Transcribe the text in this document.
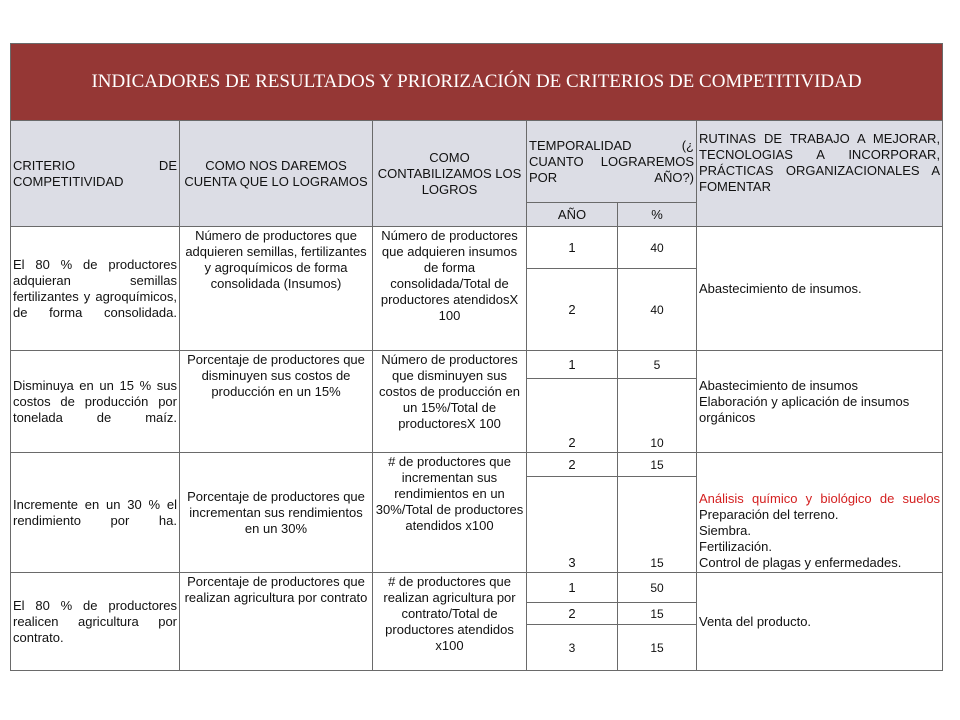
INDICADORES DE RESULTADOS Y PRIORIZACIÓN DE CRITERIOS DE COMPETITIVIDAD					

CRITERIO DE
COMPETITIVIDAD	COMO NOS DAREMOS CUENTA QUE LO LOGRAMOS	COMO CONTABILIZAMOS LOS LOGROS	TEMPORALIDAD (¿ CUANTO LOGRAREMOS POR AÑO?)		RUTINAS DE TRABAJO A MEJORAR, TECNOLOGIAS A INCORPORAR, PRÁCTICAS ORGANIZACIONALES A FOMENTAR
			AÑO	%	
El 80 % de productores adquieran semillas fertilizantes y agroquímicos, de forma consolidada.	Número de productores que adquieren semillas, fertilizantes y agroquímicos de forma consolidada (Insumos)	Número de productores que adquieren insumos de forma consolidada/Total de productores atendidosX 100	1	40	Abastecimiento de insumos.
			2	40	
Disminuya en un 15 % sus costos de producción por tonelada de maíz.	Porcentaje de productores que disminuyen sus costos de producción en un 15%	Número de productores que disminuyen sus costos de producción en un 15%/Total de productoresX 100	1	5	Abastecimiento de insumos
Elaboración y aplicación de insumos orgánicos

			2	10	
Incremente en un 30 % el rendimiento por ha.	Porcentaje de productores que incrementan sus rendimientos en un 30%	# de productores que incrementan sus rendimientos en un 30%/Total de productores atendidos x100	2	15	Análisis químico y biológico de suelos
Preparación del terreno.
Siembra.
Fertilización.
Control de plagas y enfermedades.

			3	15	
El 80 % de productores realicen agricultura por contrato.	Porcentaje de productores que realizan agricultura por contrato	# de productores que realizan agricultura por contrato/Total de productores atendidos x100	1	50	Venta del producto.
			2	15	
			3	15	
